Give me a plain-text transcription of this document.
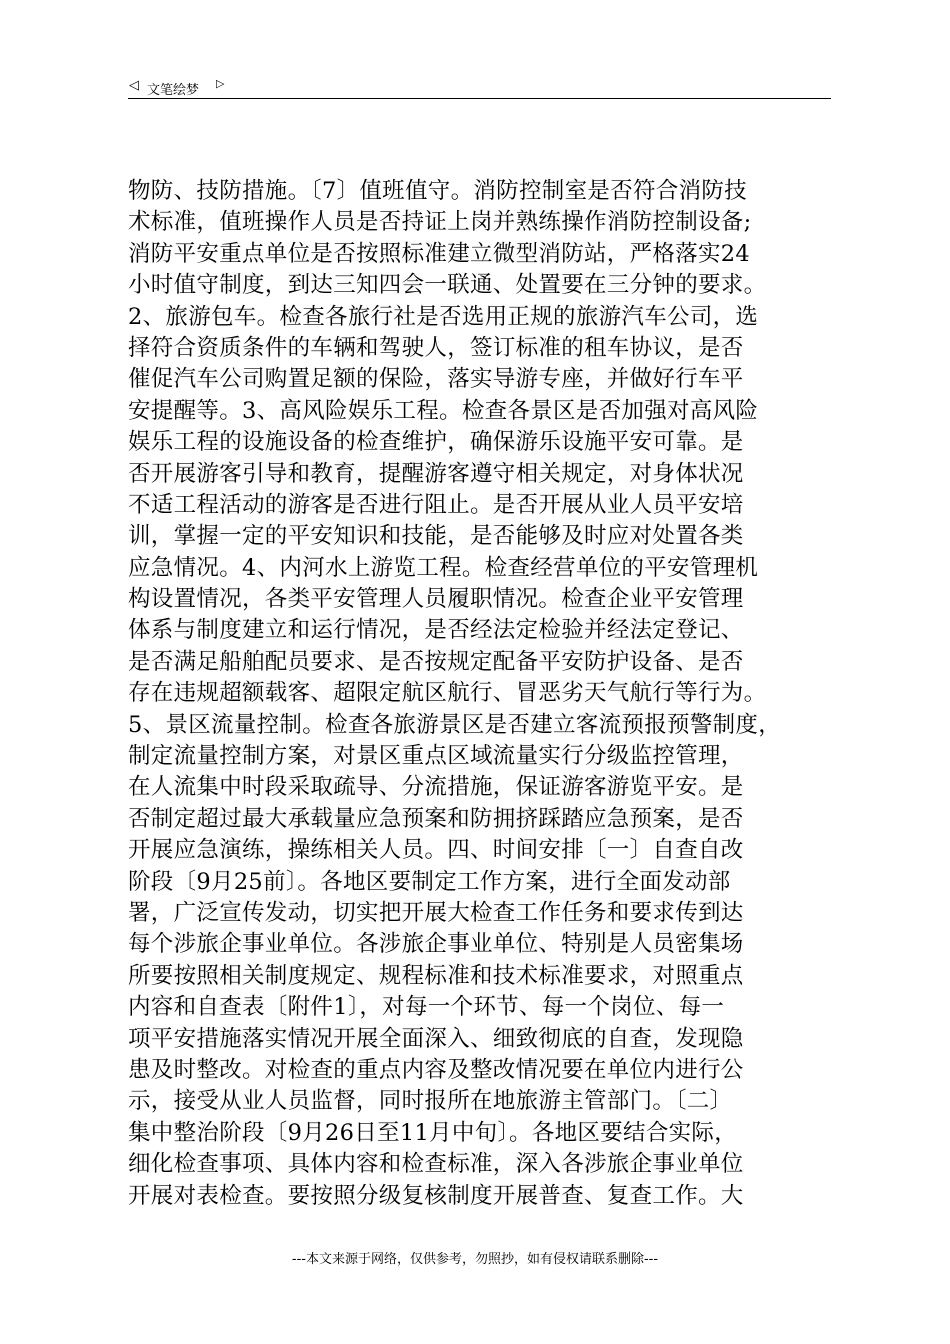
◁ 文笔绘梦 ▷
物防、技防措施。〔7〕值班值守。消防控制室是否符合消防技
术标准，值班操作人员是否持证上岗并熟练操作消防控制设备;
消防平安重点单位是否按照标准建立微型消防站，严格落实24
小时值守制度，到达三知四会一联通、处置要在三分钟的要求。
2、旅游包车。检查各旅行社是否选用正规的旅游汽车公司，选
择符合资质条件的车辆和驾驶人，签订标准的租车协议，是否
催促汽车公司购置足额的保险，落实导游专座，并做好行车平
安提醒等。3、高风险娱乐工程。检查各景区是否加强对高风险
娱乐工程的设施设备的检查维护，确保游乐设施平安可靠。是
否开展游客引导和教育，提醒游客遵守相关规定，对身体状况
不适工程活动的游客是否进行阻止。是否开展从业人员平安培
训，掌握一定的平安知识和技能，是否能够及时应对处置各类
应急情况。4、内河水上游览工程。检查经营单位的平安管理机
构设置情况，各类平安管理人员履职情况。检查企业平安管理
体系与制度建立和运行情况，是否经法定检验并经法定登记、
是否满足船舶配员要求、是否按规定配备平安防护设备、是否
存在违规超额载客、超限定航区航行、冒恶劣天气航行等行为。
5、景区流量控制。检查各旅游景区是否建立客流预报预警制度，
制定流量控制方案，对景区重点区域流量实行分级监控管理，
在人流集中时段采取疏导、分流措施，保证游客游览平安。是
否制定超过最大承载量应急预案和防拥挤踩踏应急预案，是否
开展应急演练，操练相关人员。四、时间安排〔一〕自查自改
阶段〔9月25前〕。各地区要制定工作方案，进行全面发动部
署，广泛宣传发动，切实把开展大检查工作任务和要求传到达
每个涉旅企事业单位。各涉旅企事业单位、特别是人员密集场
所要按照相关制度规定、规程标准和技术标准要求，对照重点
内容和自查表〔附件1〕，对每一个环节、每一个岗位、每一
项平安措施落实情况开展全面深入、细致彻底的自查，发现隐
患及时整改。对检查的重点内容及整改情况要在单位内进行公
示，接受从业人员监督，同时报所在地旅游主管部门。〔二〕
集中整治阶段〔9月26日至11月中旬〕。各地区要结合实际，
细化检查事项、具体内容和检查标准，深入各涉旅企事业单位
开展对表检查。要按照分级复核制度开展普查、复查工作。大
---本文来源于网络，仅供参考，勿照抄，如有侵权请联系删除---
